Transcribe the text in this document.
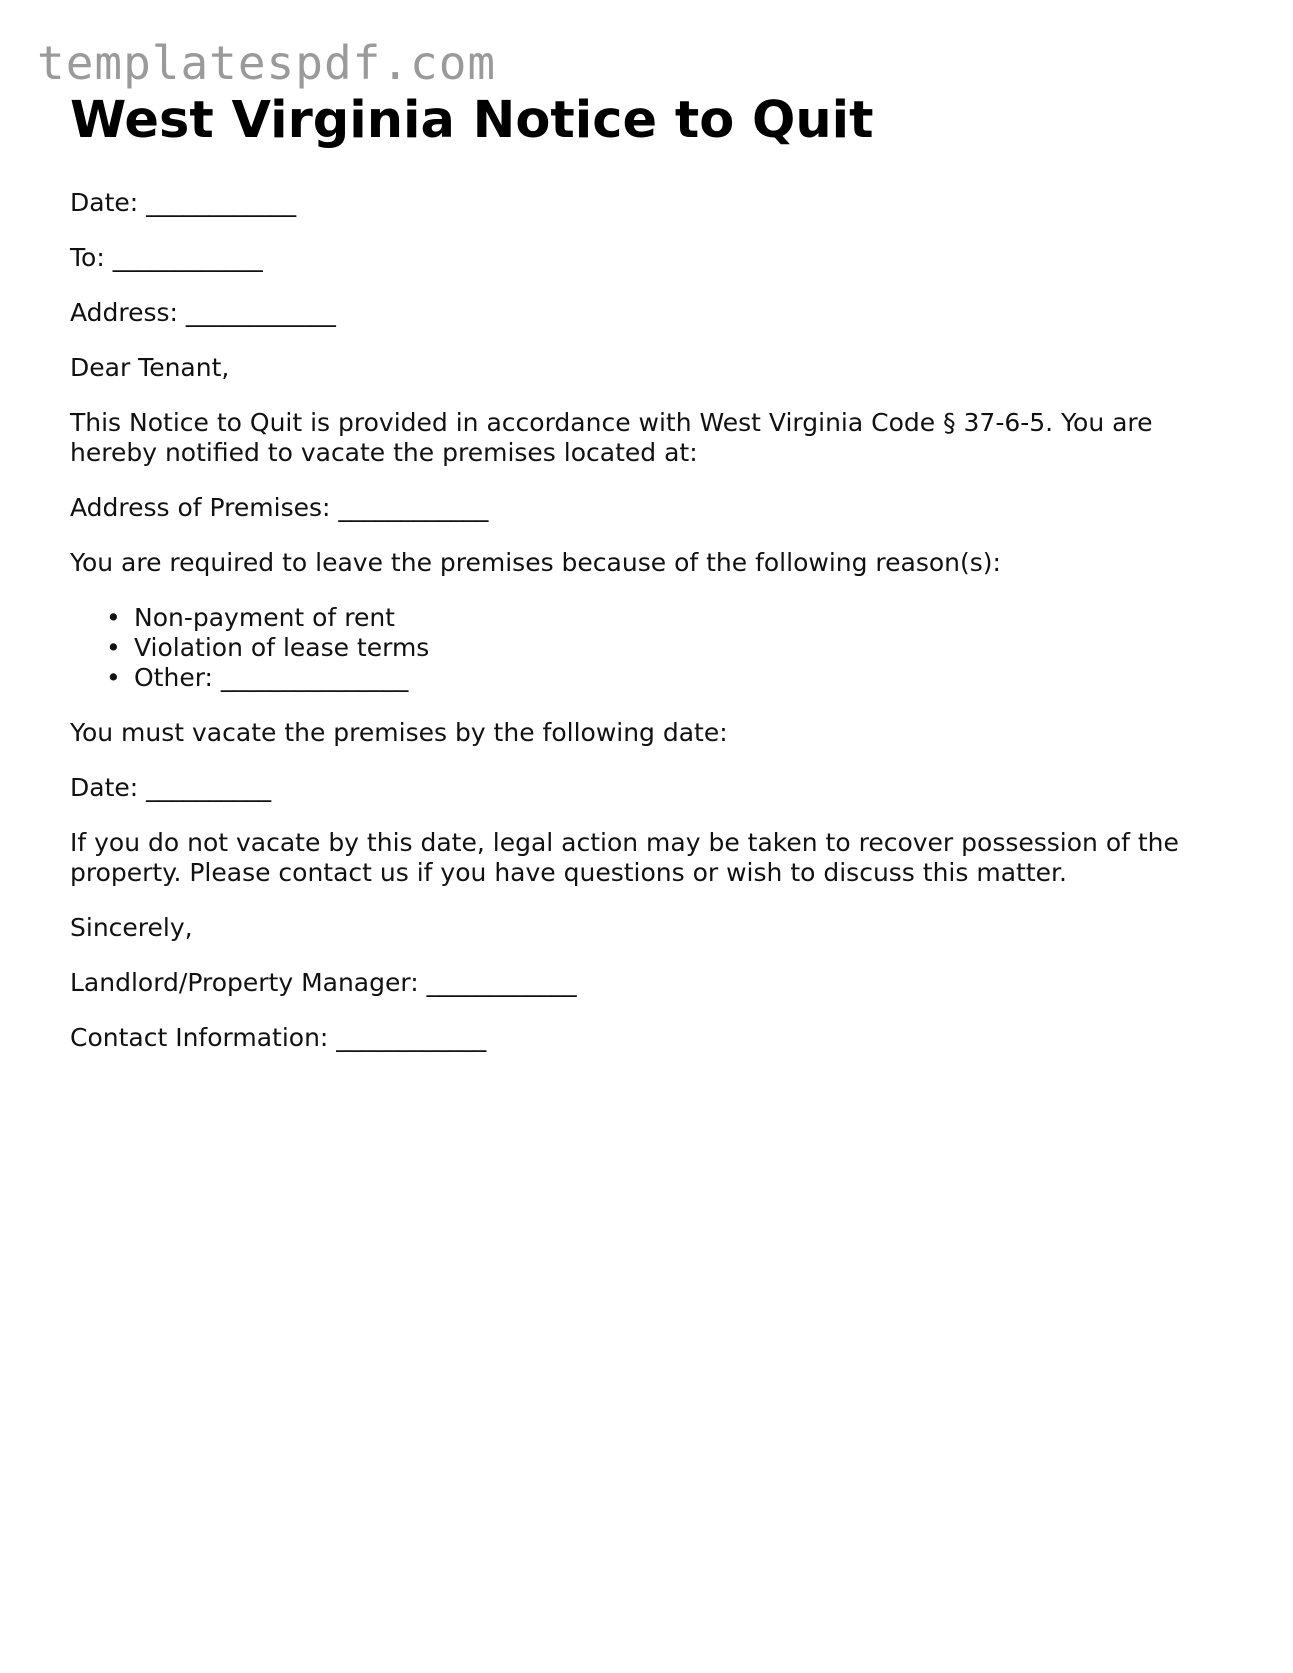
templatespdf.com
West Virginia Notice to Quit
Date: ____________
To: ____________
Address: ____________
Dear Tenant,
This Notice to Quit is provided in accordance with West Virginia Code § 37-6-5. You are hereby notified to vacate the premises located at:
Address of Premises: ____________
You are required to leave the premises because of the following reason(s):
• Non-payment of rent
• Violation of lease terms
• Other: _______________
You must vacate the premises by the following date:
Date: __________
If you do not vacate by this date, legal action may be taken to recover possession of the property. Please contact us if you have questions or wish to discuss this matter.
Sincerely,
Landlord/Property Manager: ____________
Contact Information: ____________
